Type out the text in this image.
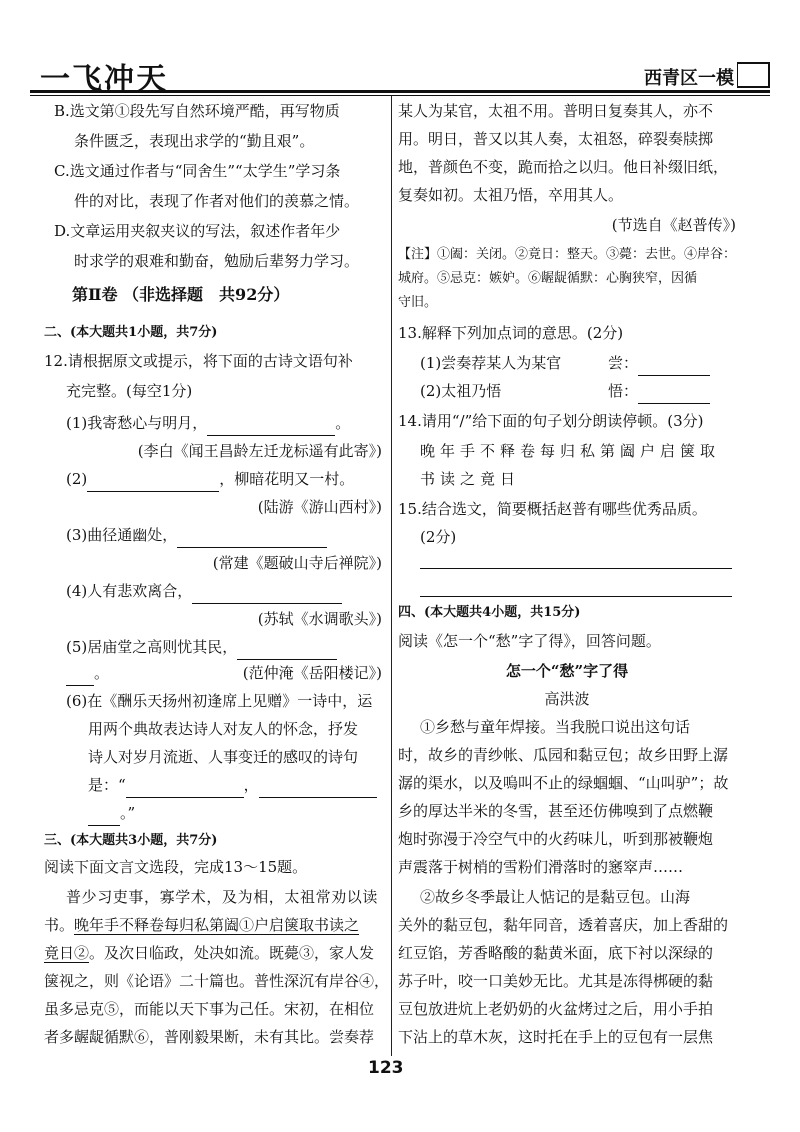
一飞冲天	西青区一模
B.选文第①段先写自然环境严酷，再写物质
条件匮乏，表现出求学的“勤且艰”。
C.选文通过作者与“同舍生”“太学生”学习条
件的对比，表现了作者对他们的羡慕之情。
D.文章运用夹叙夹议的写法，叙述作者年少
时求学的艰难和勤奋，勉励后辈努力学习。
第Ⅱ卷 （非选择题　共92分）
二、(本大题共1小题，共7分)
12.请根据原文或提示，将下面的古诗文语句补
充完整。(每空1分)
(1)我寄愁心与明月，	。
(李白《闻王昌龄左迁龙标遥有此寄》)
(2)	，柳暗花明又一村。
(陆游《游山西村》)
(3)曲径通幽处，
(常建《题破山寺后禅院》)
(4)人有悲欢离合，
(苏轼《水调歌头》)
(5)居庙堂之高则忧其民，
。	(范仲淹《岳阳楼记》)
(6)在《酬乐天扬州初逢席上见赠》一诗中，运
用两个典故表达诗人对友人的怀念，抒发
诗人对岁月流逝、人事变迁的感叹的诗句
是：“	，
。”
三、(本大题共3小题，共7分)
阅读下面文言文选段，完成13～15题。
普少习吏事，寡学术，及为相，太祖常劝以读
书。晚年手不释卷每归私第阖①户启箧取书读之
竟日②。及次日临政，处决如流。既薨③，家人发
箧视之，则《论语》二十篇也。普性深沉有岸谷④，
虽多忌克⑤，而能以天下事为己任。宋初，在相位
者多龌龊循默⑥，普刚毅果断，未有其比。尝奏荐
某人为某官，太祖不用。普明日复奏其人，亦不
用。明日，普又以其人奏，太祖怒，碎裂奏牍掷
地，普颜色不变，跪而拾之以归。他日补缀旧纸，
复奏如初。太祖乃悟，卒用其人。
(节选自《赵普传》)
【注】①阖：关闭。②竟日：整天。③薨：去世。④岸谷：
城府。⑤忌克：嫉妒。⑥龌龊循默：心胸狭窄，因循
守旧。
13.解释下列加点词的意思。(2分)
(1)尝奏荐某人为某官	尝：
(2)太祖乃悟	悟：
14.请用“/”给下面的句子划分朗读停顿。(3分)
晚年手不释卷每归私第阖户启箧取
书读之竟日
15.结合选文，简要概括赵普有哪些优秀品质。
(2分)
四、(本大题共4小题，共15分)
阅读《怎一个“愁”字了得》，回答问题。
怎一个“愁”字了得
高洪波
①乡愁与童年焊接。当我脱口说出这句话
时，故乡的青纱帐、瓜园和黏豆包；故乡田野上潺
潺的渠水，以及嗚叫不止的绿蝈蝈、“山叫驴”；故
乡的厚达半米的冬雪，甚至还仿佛嗅到了点燃鞭
炮时弥漫于冷空气中的火药味儿，听到那被鞭炮
声震落于树梢的雪粉们滑落时的窸窣声……
②故乡冬季最让人惦记的是黏豆包。山海
关外的黏豆包，黏年同音，透着喜庆，加上香甜的
红豆馅，芳香略酸的黏黄米面，底下衬以深绿的
苏子叶，咬一口美妙无比。尤其是冻得梆硬的黏
豆包放进炕上老奶奶的火盆烤过之后，用小手拍
下沾上的草木灰，这时托在手上的豆包有一层焦
123
